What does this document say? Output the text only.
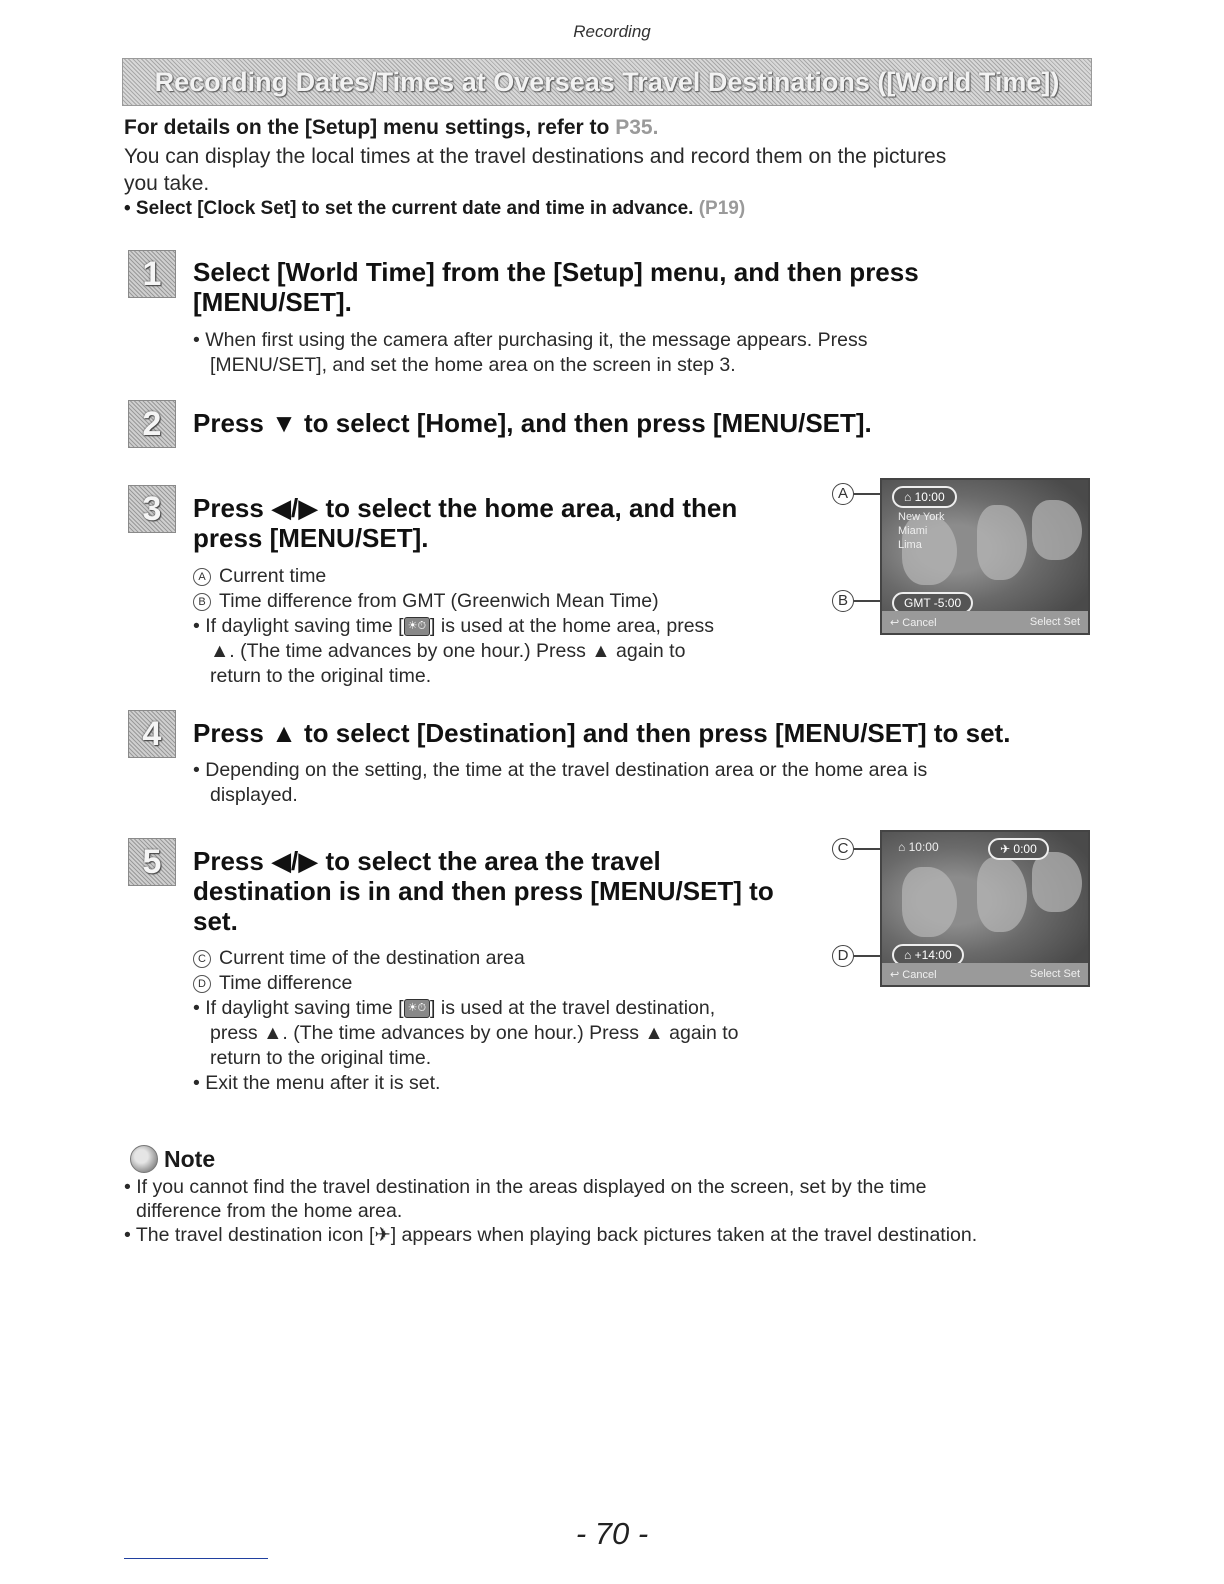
Recording
Recording Dates/Times at Overseas Travel Destinations ([World Time])
For details on the [Setup] menu settings, refer to P35.
You can display the local times at the travel destinations and record them on the pictures
you take.
• Select [Clock Set] to set the current date and time in advance. (P19)
1 Select [World Time] from the [Setup] menu, and then press
[MENU/SET].
• When first using the camera after purchasing it, the message appears. Press
[MENU/SET], and set the home area on the screen in step 3.
2 Press ▼ to select [Home], and then press [MENU/SET].
3 Press ◀/▶ to select the home area, and then
press [MENU/SET].
A Current time
B Time difference from GMT (Greenwich Mean Time)
• If daylight saving time [ ☀⏱ ] is used at the home area, press
▲. (The time advances by one hour.) Press ▲ again to
return to the original time.
A
B
⌂ 10:00
New York
Miami
Lima
GMT -5:00
↩ Cancel	Select Set
4 Press ▲ to select [Destination] and then press [MENU/SET] to set.
• Depending on the setting, the time at the travel destination area or the home area is
displayed.
5 Press ◀/▶ to select the area the travel
destination is in and then press [MENU/SET] to
set.
C Current time of the destination area
D Time difference
• If daylight saving time [ ☀⏱ ] is used at the travel destination,
press ▲. (The time advances by one hour.) Press ▲ again to
return to the original time.
• Exit the menu after it is set.
C
D
⌂ 10:00	✈ 0:00
⌂ +14:00
↩ Cancel	Select Set
Note
• If you cannot find the travel destination in the areas displayed on the screen, set by the time
difference from the home area.
• The travel destination icon [✈] appears when playing back pictures taken at the travel destination.
- 70 -
